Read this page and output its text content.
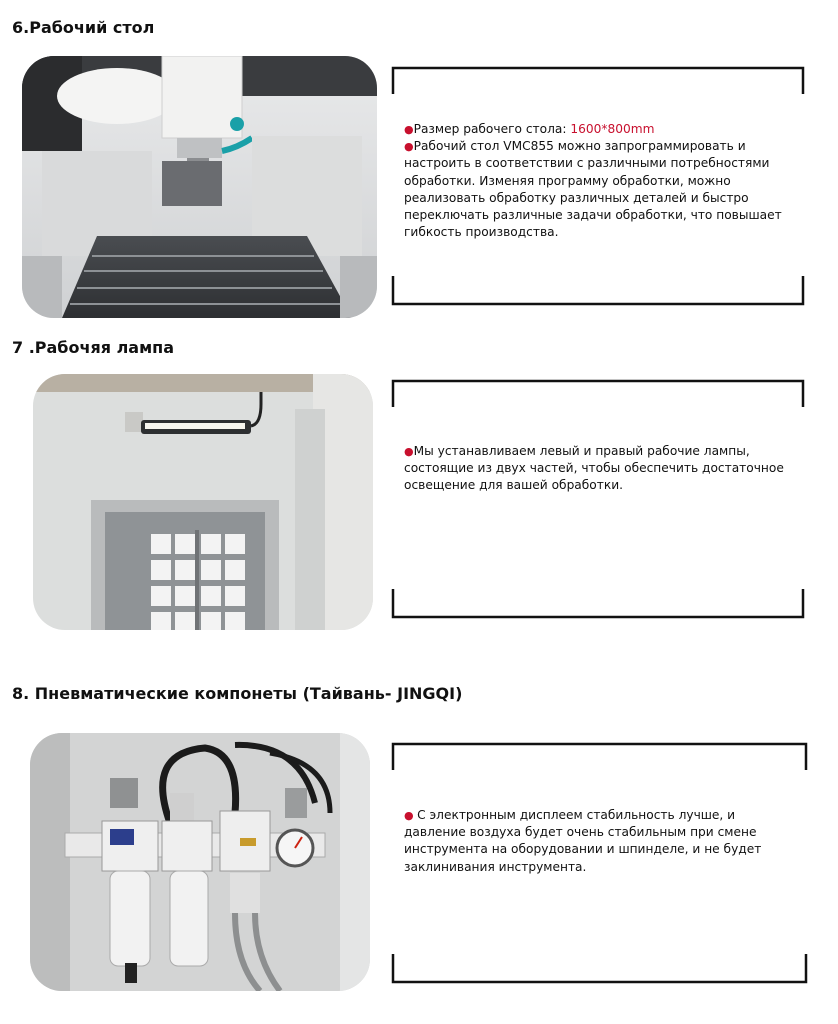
6.Рабочий стол

●Размер рабочего стола: 1600*800mm

●Рабочий стол VMC855 можно запрограммировать и настроить в соответствии с различными потребностями обработки. Изменяя программу обработки, можно реализовать обработку различных деталей и быстро переключать различные задачи обработки, что повышает гибкость производства.

7 .Рабочяя лампа

●Мы устанавливаем левый и правый рабочие лампы, состоящие из двух частей, чтобы обеспечить достаточное освещение для вашей обработки.

8. Пневматические компонеты (Тайвань- JINGQI)

● С электронным дисплеем стабильность лучше, и давление воздуха будет очень стабильным при смене инструмента на оборудовании и шпинделе, и не будет заклинивания инструмента.
